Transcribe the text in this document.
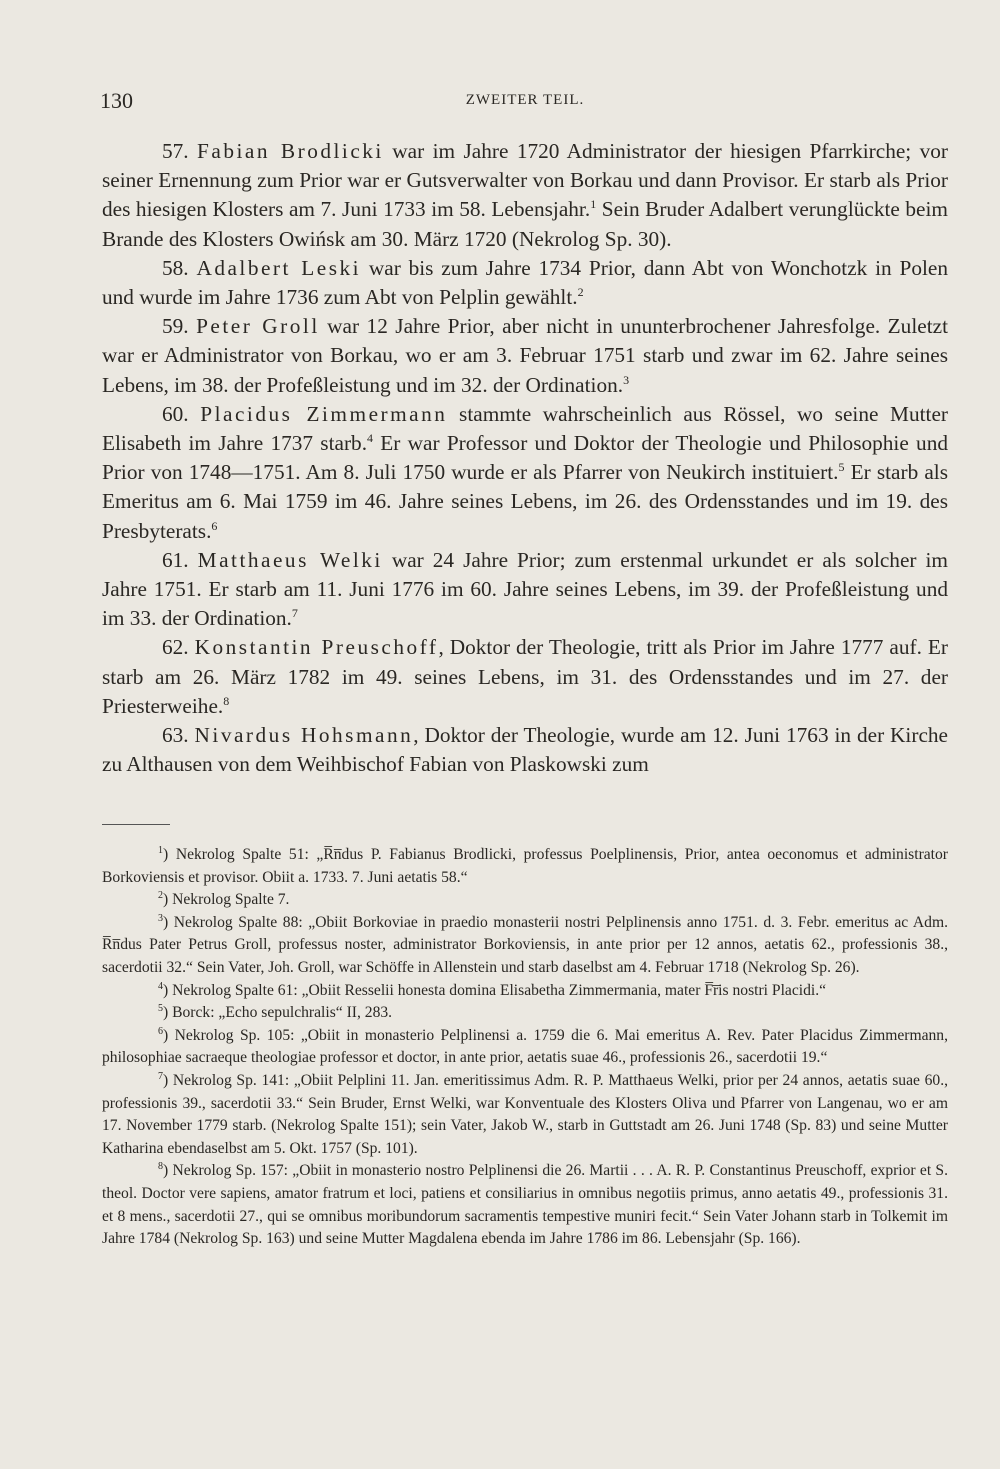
130	ZWEITER TEIL.

57. Fabian Brodlicki war im Jahre 1720 Administrator der hiesigen Pfarrkirche; vor seiner Ernennung zum Prior war er Gutsverwalter von Borkau und dann Provisor. Er starb als Prior des hiesigen Klosters am 7. Juni 1733 im 58. Lebensjahr.$^1$ Sein Bruder Adalbert verunglückte beim Brande des Klosters Owińsk am 30. März 1720 (Nekrolog Sp. 30).

58. Adalbert Leski war bis zum Jahre 1734 Prior, dann Abt von Wonchotzk in Polen und wurde im Jahre 1736 zum Abt von Pelplin gewählt.$^2$

59. Peter Groll war 12 Jahre Prior, aber nicht in ununterbrochener Jahresfolge. Zuletzt war er Administrator von Borkau, wo er am 3. Februar 1751 starb und zwar im 62. Jahre seines Lebens, im 38. der Profeßleistung und im 32. der Ordination.$^3$

60. Placidus Zimmermann stammte wahrscheinlich aus Rössel, wo seine Mutter Elisabeth im Jahre 1737 starb.$^4$ Er war Professor und Doktor der Theologie und Philosophie und Prior von 1748—1751. Am 8. Juli 1750 wurde er als Pfarrer von Neukirch instituiert.$^5$ Er starb als Emeritus am 6. Mai 1759 im 46. Jahre seines Lebens, im 26. des Ordensstandes und im 19. des Presbyterats.$^6$

61. Matthaeus Welki war 24 Jahre Prior; zum erstenmal urkundet er als solcher im Jahre 1751. Er starb am 11. Juni 1776 im 60. Jahre seines Lebens, im 39. der Profeßleistung und im 33. der Ordination.$^7$

62. Konstantin Preuschoff, Doktor der Theologie, tritt als Prior im Jahre 1777 auf. Er starb am 26. März 1782 im 49. seines Lebens, im 31. des Ordensstandes und im 27. der Priesterweihe.$^8$

63. Nivardus Hohsmann, Doktor der Theologie, wurde am 12. Juni 1763 in der Kirche zu Althausen von dem Weihbischof Fabian von Plaskowski zum

$^1$) Nekrolog Spalte 51: „R̅n̅dus P. Fabianus Brodlicki, professus Poelplinensis, Prior, antea oeconomus et administrator Borkoviensis et provisor. Obiit a. 1733. 7. Juni aetatis 58.“

$^2$) Nekrolog Spalte 7.

$^3$) Nekrolog Spalte 88: „Obiit Borkoviae in praedio monasterii nostri Pelplinensis anno 1751. d. 3. Febr. emeritus ac Adm. R̅n̅dus Pater Petrus Groll, professus noster, administrator Borkoviensis, in ante prior per 12 annos, aetatis 62., professionis 38., sacerdotii 32.“ Sein Vater, Joh. Groll, war Schöffe in Allenstein und starb daselbst am 4. Februar 1718 (Nekrolog Sp. 26).

$^4$) Nekrolog Spalte 61: „Obiit Resselii honesta domina Elisabetha Zimmermania, mater F̅r̅is nostri Placidi.“

$^5$) Borck: „Echo sepulchralis“ II, 283.

$^6$) Nekrolog Sp. 105: „Obiit in monasterio Pelplinensi a. 1759 die 6. Mai emeritus A. Rev. Pater Placidus Zimmermann, philosophiae sacraeque theologiae professor et doctor, in ante prior, aetatis suae 46., professionis 26., sacerdotii 19.“

$^7$) Nekrolog Sp. 141: „Obiit Pelplini 11. Jan. emeritissimus Adm. R. P. Matthaeus Welki, prior per 24 annos, aetatis suae 60., professionis 39., sacerdotii 33.“ Sein Bruder, Ernst Welki, war Konventuale des Klosters Oliva und Pfarrer von Langenau, wo er am 17. November 1779 starb. (Nekrolog Spalte 151); sein Vater, Jakob W., starb in Guttstadt am 26. Juni 1748 (Sp. 83) und seine Mutter Katharina ebendaselbst am 5. Okt. 1757 (Sp. 101).

$^8$) Nekrolog Sp. 157: „Obiit in monasterio nostro Pelplinensi die 26. Martii . . . A. R. P. Constantinus Preuschoff, exprior et S. theol. Doctor vere sapiens, amator fratrum et loci, patiens et consiliarius in omnibus negotiis primus, anno aetatis 49., professionis 31. et 8 mens., sacerdotii 27., qui se omnibus moribundorum sacramentis tempestive muniri fecit.“ Sein Vater Johann starb in Tolkemit im Jahre 1784 (Nekrolog Sp. 163) und seine Mutter Magdalena ebenda im Jahre 1786 im 86. Lebensjahr (Sp. 166).
